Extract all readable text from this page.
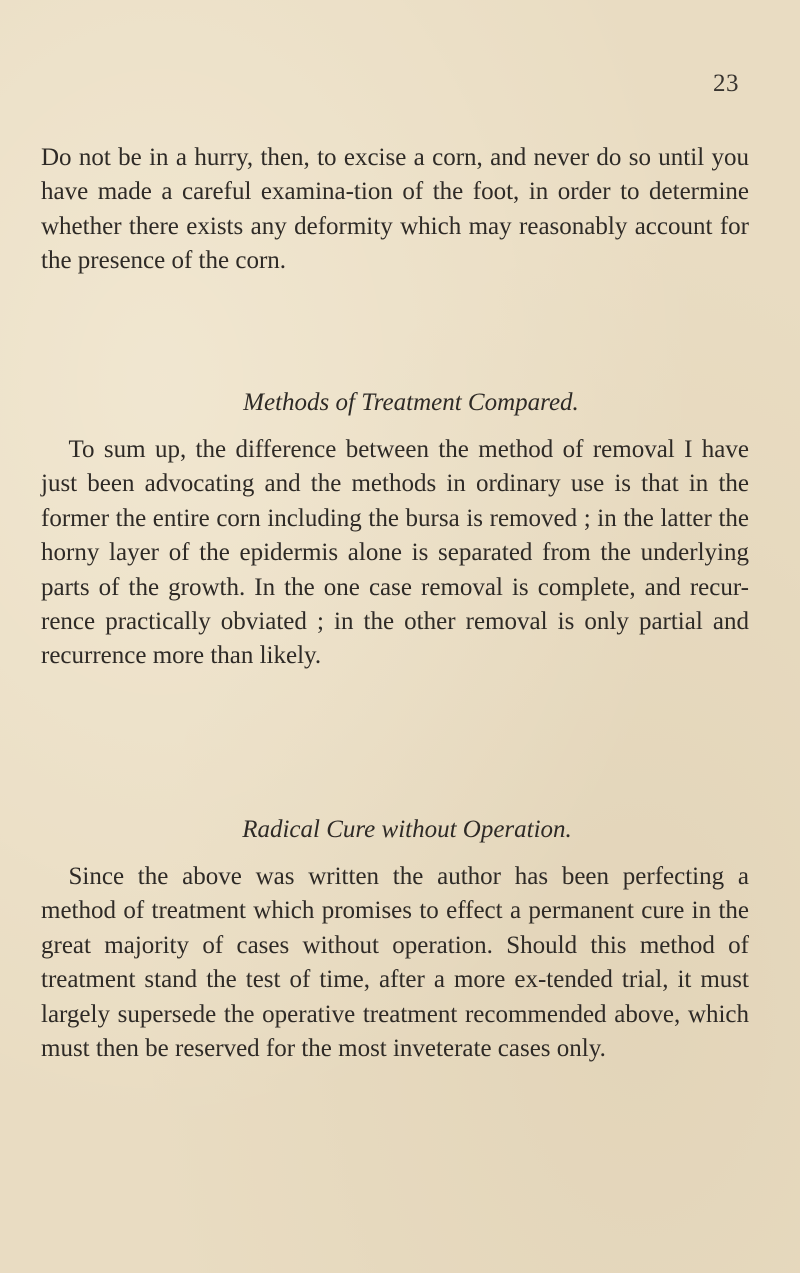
23

Do not be in a hurry, then, to excise a corn, and never do so until you have made a careful examina-tion of the foot, in order to determine whether there exists any deformity which may reasonably account for the presence of the corn.

Methods of Treatment Compared.

To sum up, the difference between the method of removal I have just been advocating and the methods in ordinary use is that in the former the entire corn including the bursa is removed ; in the latter the horny layer of the epidermis alone is separated from the underlying parts of the growth. In the one case removal is complete, and recur-rence practically obviated ; in the other removal is only partial and recurrence more than likely.

Radical Cure without Operation.

Since the above was written the author has been perfecting a method of treatment which promises to effect a permanent cure in the great majority of cases without operation. Should this method of treatment stand the test of time, after a more ex-tended trial, it must largely supersede the operative treatment recommended above, which must then be reserved for the most inveterate cases only.
